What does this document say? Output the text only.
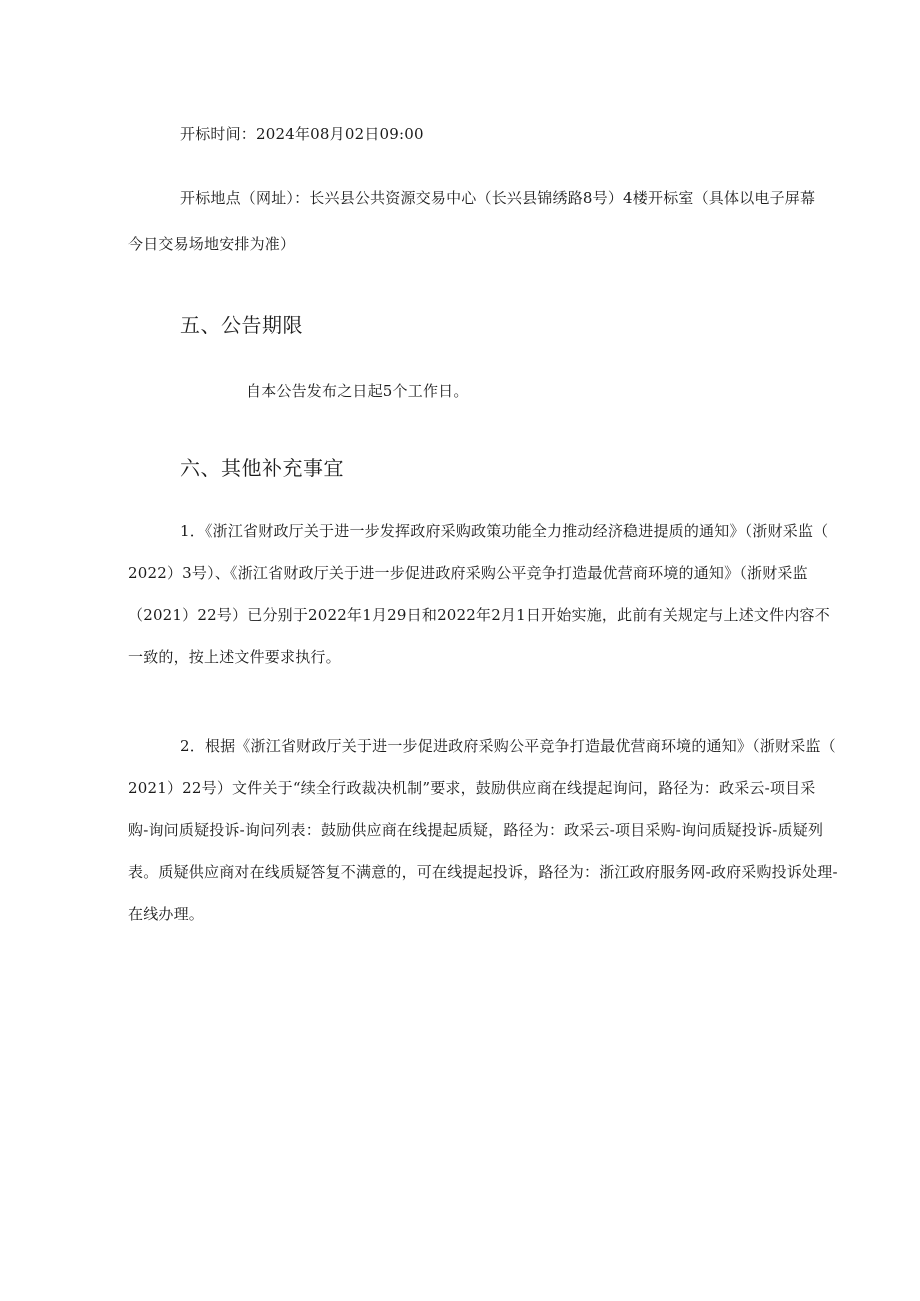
开标时间：2024年08月02日09:00
开标地点（网址）：长兴县公共资源交易中心（长兴县锦绣路8号）4楼开标室（具体以电子屏幕
今日交易场地安排为准）
五、公告期限
自本公告发布之日起5个工作日。
六、其他补充事宜
1．《浙江省财政厅关于进一步发挥政府采购政策功能全力推动经济稳进提质的通知》（浙财采监（
2022）3号）、《浙江省财政厅关于进一步促进政府采购公平竞争打造最优营商环境的通知》（浙财采监
（2021）22号）已分别于2022年1月29日和2022年2月1日开始实施，此前有关规定与上述文件内容不
一致的，按上述文件要求执行。
2．根据《浙江省财政厅关于进一步促进政府采购公平竞争打造最优营商环境的通知》（浙财采监（
2021）22号）文件关于“续全行政裁决机制”要求，鼓励供应商在线提起询问，路径为：政采云-项目采
购-询问质疑投诉-询问列表：鼓励供应商在线提起质疑，路径为：政采云-项目采购-询问质疑投诉-质疑列
表。质疑供应商对在线质疑答复不满意的，可在线提起投诉，路径为：浙江政府服务网-政府采购投诉处理-
在线办理。
